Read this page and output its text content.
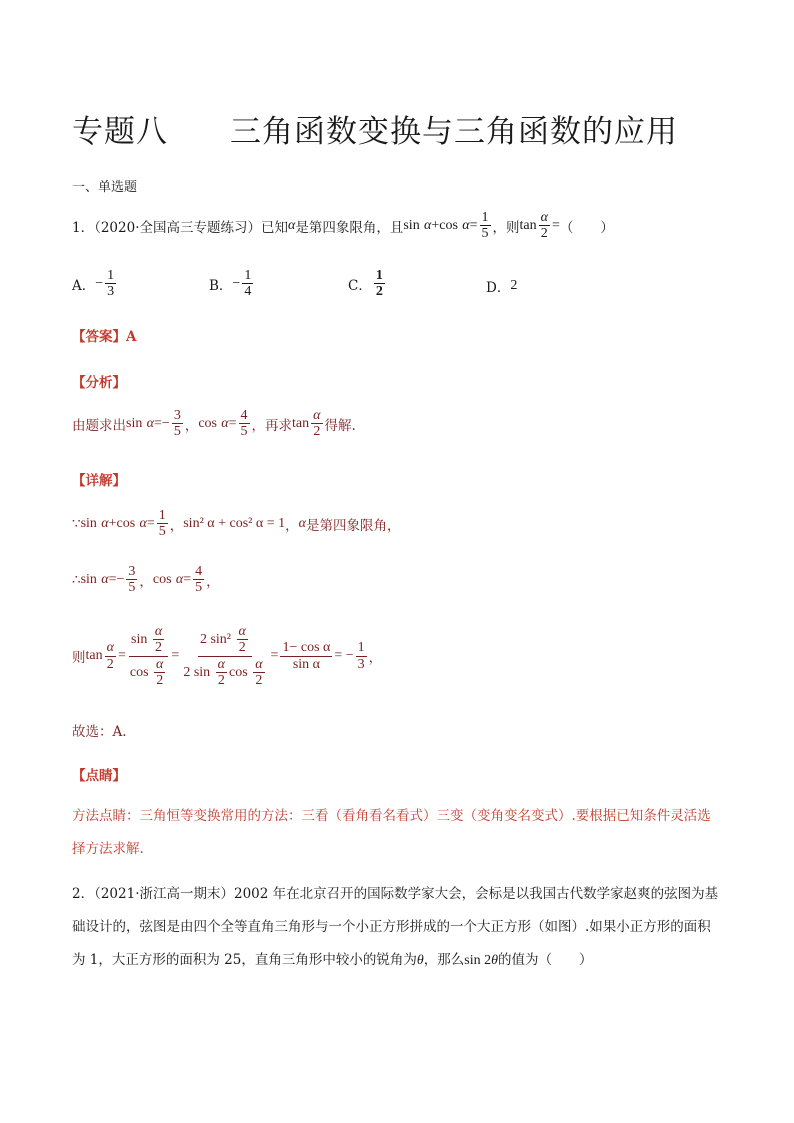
专题八 三角函数变换与三角函数的应用
一、单选题
1．（2020·全国高三专题练习）已知 α 是第四象限角，且 sin
α + cos
$\alpha = \frac{1}{5}$ ，则 $\tan \frac{\alpha}{2}$ = （　　）
A． − $\frac{1}{3}$	B． − $\frac{1}{4}$	C． $\frac{1}{2}$	D． 2
【答案】A
【分析】
由题求出 sin
α = − $\frac{3}{5}$ ， cos
$\alpha = \frac{4}{5}$ ，再求 $\tan \frac{\alpha}{2}$ 得解.
【详解】
∵ sin
α + cos
$\alpha = \frac{1}{5}$ ， sin² α + cos² α = 1 ， α 是第四象限角，
∴ sin
α = − $\frac{3}{5}$ ， cos
$\alpha = \frac{4}{5}$ ，
则 $\tan \frac{\alpha}{2} = \sin$
$\frac{\alpha}{2}$
cos
$\frac{\alpha}{2} = 2$ sin²
$\frac{\alpha}{2}$
2 sin
$\frac{\alpha}{2}$ cos
$\frac{\alpha}{2} = \frac{\text{1− cos α}}{\text{sin α}}$ = − $\frac{1}{3}$ ，
故选：A.
【点睛】
方法点睛：三角恒等变换常用的方法：三看（看角看名看式）三变（变角变名变式）.要根据已知条件灵活选择方法求解.
2．（2021·浙江高一期末）2002 年在北京召开的国际数学家大会，会标是以我国古代数学家赵爽的弦图为基础设计的，弦图是由四个全等直角三角形与一个小正方形拼成的一个大正方形（如图）.如果小正方形的面积为 1，大正方形的面积为 25，直角三角形中较小的锐角为θ，那么sin 2θ的值为（　　）
